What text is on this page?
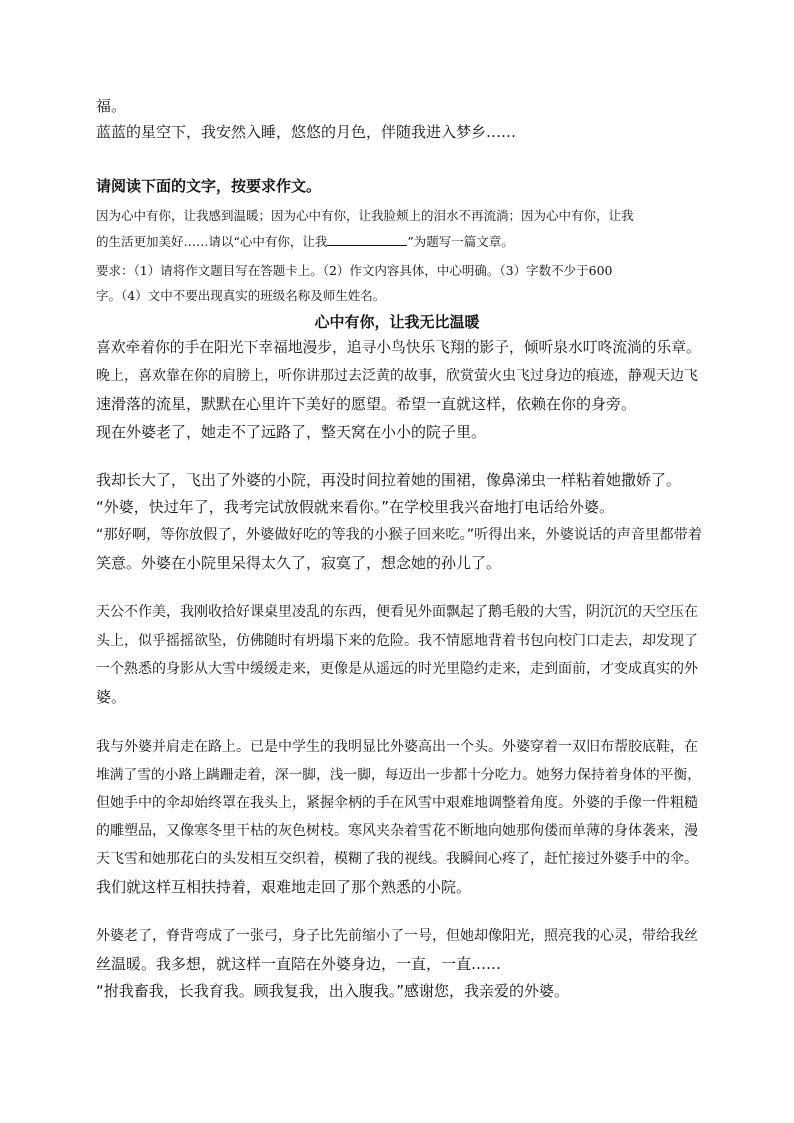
福。
蓝蓝的星空下，我安然入睡，悠悠的月色，伴随我进入梦乡……
请阅读下面的文字，按要求作文。
因为心中有你，让我感到温暖；因为心中有你，让我脸颊上的泪水不再流淌；因为心中有你，让我
的生活更加美好……请以“心中有你，让我	”为题写一篇文章。
要求：（1）请将作文题目写在答题卡上。（2）作文内容具体，中心明确。（3）字数不少于600
字。（4）文中不要出现真实的班级名称及师生姓名。
心中有你，让我无比温暖
喜欢牵着你的手在阳光下幸福地漫步，追寻小鸟快乐飞翔的影子，倾听泉水叮咚流淌的乐章。
晚上，喜欢靠在你的肩膀上，听你讲那过去泛黄的故事，欣赏萤火虫飞过身边的痕迹，静观天边飞
速滑落的流星，默默在心里许下美好的愿望。希望一直就这样，依赖在你的身旁。
现在外婆老了，她走不了远路了，整天窝在小小的院子里。
我却长大了，飞出了外婆的小院，再没时间拉着她的围裙，像鼻涕虫一样粘着她撒娇了。
“外婆，快过年了，我考完试放假就来看你。”在学校里我兴奋地打电话给外婆。
“那好啊，等你放假了，外婆做好吃的等我的小猴子回来吃。”听得出来，外婆说话的声音里都带着
笑意。外婆在小院里呆得太久了，寂寞了，想念她的孙儿了。
天公不作美，我刚收拾好课桌里凌乱的东西，便看见外面飘起了鹅毛般的大雪，阴沉沉的天空压在
头上，似乎摇摇欲坠，仿佛随时有坍塌下来的危险。我不情愿地背着书包向校门口走去，却发现了
一个熟悉的身影从大雪中缓缓走来，更像是从遥远的时光里隐约走来，走到面前，才变成真实的外
婆。
我与外婆并肩走在路上。已是中学生的我明显比外婆高出一个头。外婆穿着一双旧布帮胶底鞋，在
堆满了雪的小路上蹒跚走着，深一脚，浅一脚，每迈出一步都十分吃力。她努力保持着身体的平衡，
但她手中的伞却始终罩在我头上，紧握伞柄的手在风雪中艰难地调整着角度。外婆的手像一件粗糙
的雕塑品，又像寒冬里干枯的灰色树枝。寒风夹杂着雪花不断地向她那佝偻而单薄的身体袭来，漫
天飞雪和她那花白的头发相互交织着，模糊了我的视线。我瞬间心疼了，赶忙接过外婆手中的伞。
我们就这样互相扶持着，艰难地走回了那个熟悉的小院。
外婆老了，脊背弯成了一张弓，身子比先前缩小了一号，但她却像阳光，照亮我的心灵，带给我丝
丝温暖。我多想，就这样一直陪在外婆身边，一直，一直……
“拊我畜我，长我育我。顾我复我，出入腹我。”感谢您，我亲爱的外婆。
